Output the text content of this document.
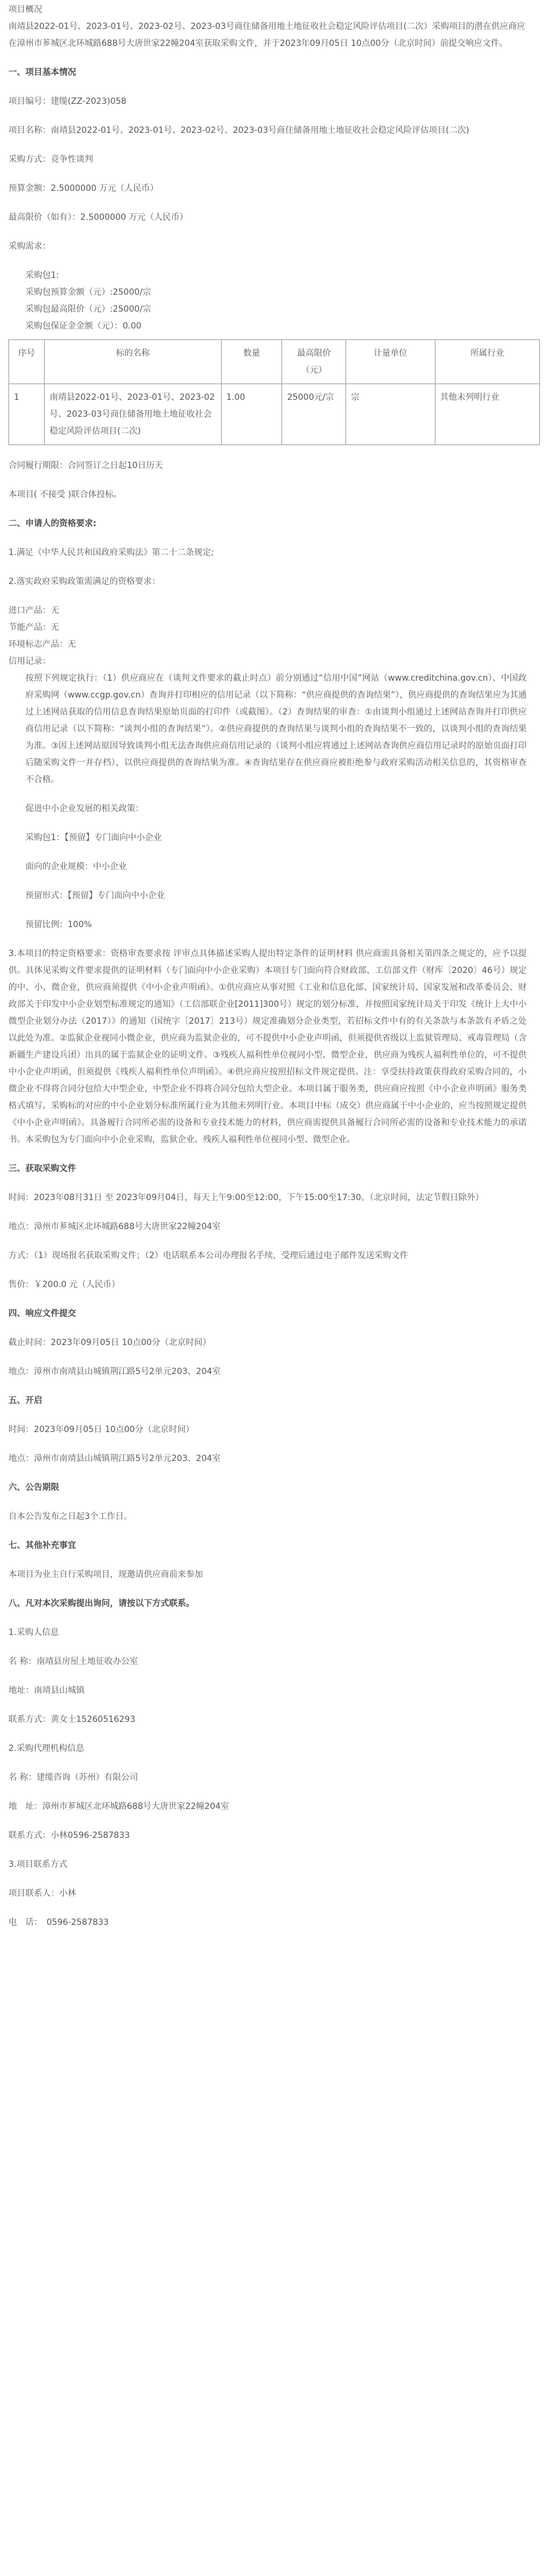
项目概况

南靖县2022-01号、2023-01号、2023-02号、2023-03号商住储备用地土地征收社会稳定风险评估项目(二次）采购项目的潜在供应商应在漳州市芗城区北环城路688号大唐世家22幢204室获取采购文件，并于2023年09月05日 10点00分（北京时间）前提交响应文件。

一、项目基本情况

项目编号：建缆(ZZ-2023)058

项目名称：南靖县2022-01号、2023-01号、2023-02号、2023-03号商住储备用地土地征收社会稳定风险评估项目(二次)

采购方式：竞争性谈判

预算金额：2.5000000 万元（人民币）

最高限价（如有）：2.5000000 万元（人民币）

采购需求：

采购包1:

采购包预算金额（元）:25000/宗

采购包最高限价（元）:25000/宗

采购包保证金金额（元）：0.00

序号	标的名称	数量	最高限价（元）	计量单位	所属行业
1	南靖县2022-01号、2023-01号、2023-02号、2023-03号商住储备用地土地征收社会稳定风险评估项目(二次)	1.00	25000元/宗	宗	其他未列明行业

合同履行期限：合同签订之日起10日历天

本项目( 不接受 )联合体投标。

二、申请人的资格要求:

1.满足《中华人民共和国政府采购法》第二十二条规定;

2.落实政府采购政策需满足的资格要求：

进口产品：无

节能产品：无

环境标志产品：无

信用记录：

按照下列规定执行：（1）供应商应在（谈判文件要求的截止时点）前分别通过“信用中国”网站（www.creditchina.gov.cn）、中国政府采购网（www.ccgp.gov.cn）查询并打印相应的信用记录（以下简称：“供应商提供的查询结果”），供应商提供的查询结果应为其通过上述网站获取的信用信息查询结果原始页面的打印件（或截图）。（2）查询结果的审查：①由谈判小组通过上述网站查询并打印供应商信用记录（以下简称：“谈判小组的查询结果”）。②供应商提供的查询结果与谈判小组的查询结果不一致的，以谈判小组的查询结果为准。③因上述网站原因导致谈判小组无法查询供应商信用记录的（谈判小组应将通过上述网站查询供应商信用记录时的原始页面打印后随采购文件一并存档），以供应商提供的查询结果为准。④查询结果存在供应商应被拒绝参与政府采购活动相关信息的，其资格审查不合格。

促进中小企业发展的相关政策：

采购包1：【预留】专门面向中小企业

面向的企业规模：中小企业

预留形式：【预留】专门面向中小企业

预留比例：100%

3.本项目的特定资格要求：资格审查要求按 评审点具体描述采购人提出特定条件的证明材料 供应商需具备相关第四条之规定的，应予以提供。具体见采购文件要求提供的证明材料（专门面向中小企业采购）本项目专门面向符合财政部、工信部文件（财库〔2020〕46号）规定的中、小、微企业，供应商须提供《中小企业声明函》。①供应商应从事对照《工业和信息化部、国家统计局、国家发展和改革委员会、财政部关于印发中小企业划型标准规定的通知》（工信部联企业[2011]300号）规定的划分标准，并按照国家统计局关于印发《统计上大中小微型企业划分办法（2017）》的通知（国统字〔2017〕213号）规定准确划分企业类型，若招标文件中有的有关条款与本条款有矛盾之处以此处为准。②监狱企业视同小微企业，供应商为监狱企业的，可不提供中小企业声明函，但须提供省级以上监狱管理局、戒毒管理局（含新疆生产建设兵团）出具的属于监狱企业的证明文件。③残疾人福利性单位视同小型、微型企业，供应商为残疾人福利性单位的，可不提供中小企业声明函，但须提供《残疾人福利性单位声明函》。④供应商应按照招标文件规定提供。注：享受扶持政策获得政府采购合同的，小微企业不得将合同分包给大中型企业，中型企业不得将合同分包给大型企业。本项目属于服务类，供应商应按照《中小企业声明函》服务类格式填写。采购标的对应的中小企业划分标准所属行业为其他未列明行业。本项目中标（成交）供应商属于中小企业的，应当按照规定提供《中小企业声明函》。具备履行合同所必需的设备和专业技术能力的材料，供应商需提供具备履行合同所必需的设备和专业技术能力的承诺书。本采购包为专门面向中小企业采购，监狱企业、残疾人福利性单位视同小型、微型企业。

三、获取采购文件

时间：2023年08月31日 至 2023年09月04日，每天上午9:00至12:00，下午15:00至17:30。（北京时间，法定节假日除外）

地点：漳州市芗城区北环城路688号大唐世家22幢204室

方式：（1）现场报名获取采购文件；（2）电话联系本公司办理报名手续，受理后通过电子邮件发送采购文件

售价：￥200.0 元（人民币）

四、响应文件提交

截止时间：2023年09月05日 10点00分（北京时间）

地点：漳州市南靖县山城镇荆江路5号2单元203、204室

五、开启

时间：2023年09月05日 10点00分（北京时间）

地点：漳州市南靖县山城镇荆江路5号2单元203、204室

六、公告期限

自本公告发布之日起3个工作日。

七、其他补充事宜

本项目为业主自行采购项目，现邀请供应商前来参加

八、凡对本次采购提出询问，请按以下方式联系。

1.采购人信息

名 称：南靖县房屋土地征收办公室

地址：南靖县山城镇

联系方式：黄女士15260516293

2.采购代理机构信息

名 称：建缆咨询（苏州）有限公司

地　址：漳州市芗城区北环城路688号大唐世家22幢204室

联系方式：小林0596-2587833

3.项目联系方式

项目联系人：小林

电　话：　0596-2587833
